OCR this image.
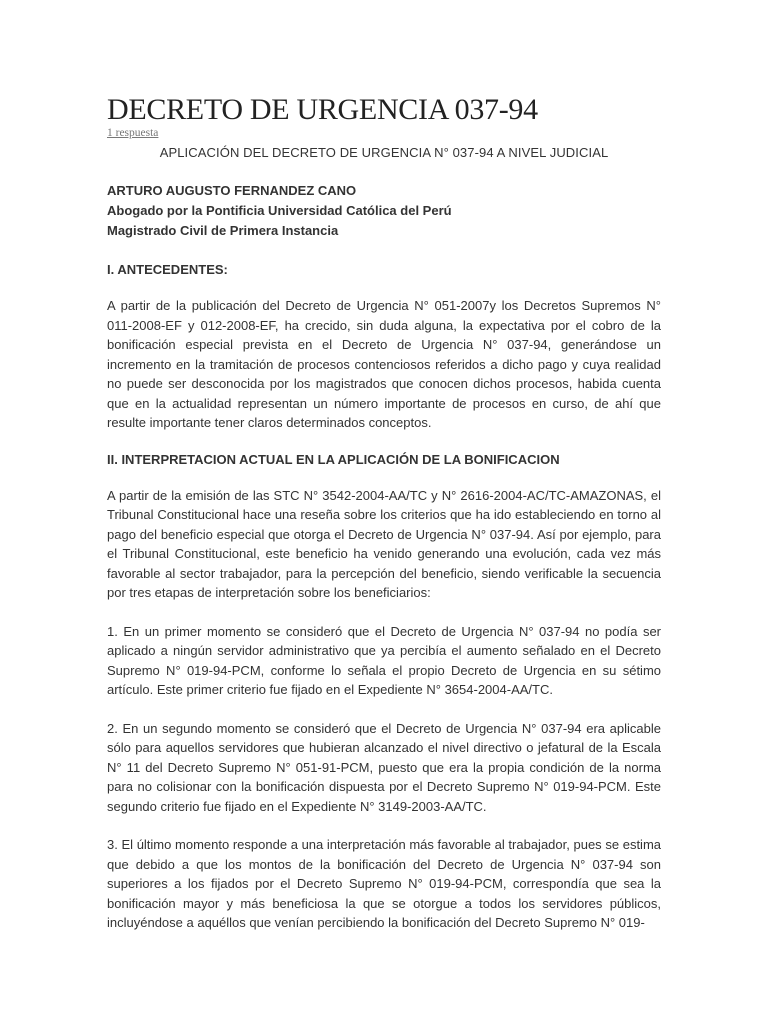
DECRETO DE URGENCIA 037-94
1 respuesta

APLICACIÓN DEL DECRETO DE URGENCIA N° 037-94 A NIVEL JUDICIAL

ARTURO AUGUSTO FERNANDEZ CANO
Abogado por la Pontificia Universidad Católica del Perú
Magistrado Civil de Primera Instancia

I. ANTECEDENTES:

A partir de la publicación del Decreto de Urgencia N° 051-2007y los Decretos Supremos N° 011-2008-EF y 012-2008-EF, ha crecido, sin duda alguna, la expectativa por el cobro de la bonificación especial prevista en el Decreto de Urgencia N° 037-94, generándose un incremento en la tramitación de procesos contenciosos referidos a dicho pago y cuya realidad no puede ser desconocida por los magistrados que conocen dichos procesos, habida cuenta que en la actualidad representan un número importante de procesos en curso, de ahí que resulte importante tener claros determinados conceptos.

II. INTERPRETACION ACTUAL EN LA APLICACIÓN DE LA BONIFICACION

A partir de la emisión de las STC N° 3542-2004-AA/TC y N° 2616-2004-AC/TC-AMAZONAS, el Tribunal Constitucional hace una reseña sobre los criterios que ha ido estableciendo en torno al pago del beneficio especial que otorga el Decreto de Urgencia N° 037-94. Así por ejemplo, para el Tribunal Constitucional, este beneficio ha venido generando una evolución, cada vez más favorable al sector trabajador, para la percepción del beneficio, siendo verificable la secuencia por tres etapas de interpretación sobre los beneficiarios:

1. En un primer momento se consideró que el Decreto de Urgencia N° 037-94 no podía ser aplicado a ningún servidor administrativo que ya percibía el aumento señalado en el Decreto Supremo N° 019-94-PCM, conforme lo señala el propio Decreto de Urgencia en su sétimo artículo. Este primer criterio fue fijado en el Expediente N° 3654-2004-AA/TC.

2. En un segundo momento se consideró que el Decreto de Urgencia N° 037-94 era aplicable sólo para aquellos servidores que hubieran alcanzado el nivel directivo o jefatural de la Escala N° 11 del Decreto Supremo N° 051-91-PCM, puesto que era la propia condición de la norma para no colisionar con la bonificación dispuesta por el Decreto Supremo N° 019-94-PCM. Este segundo criterio fue fijado en el Expediente N° 3149-2003-AA/TC.

3. El último momento responde a una interpretación más favorable al trabajador, pues se estima que debido a que los montos de la bonificación del Decreto de Urgencia N° 037-94 son superiores a los fijados por el Decreto Supremo N° 019-94-PCM, correspondía que sea la bonificación mayor y más beneficiosa la que se otorgue a todos los servidores públicos, incluyéndose a aquéllos que venían percibiendo la bonificación del Decreto Supremo N° 019-
